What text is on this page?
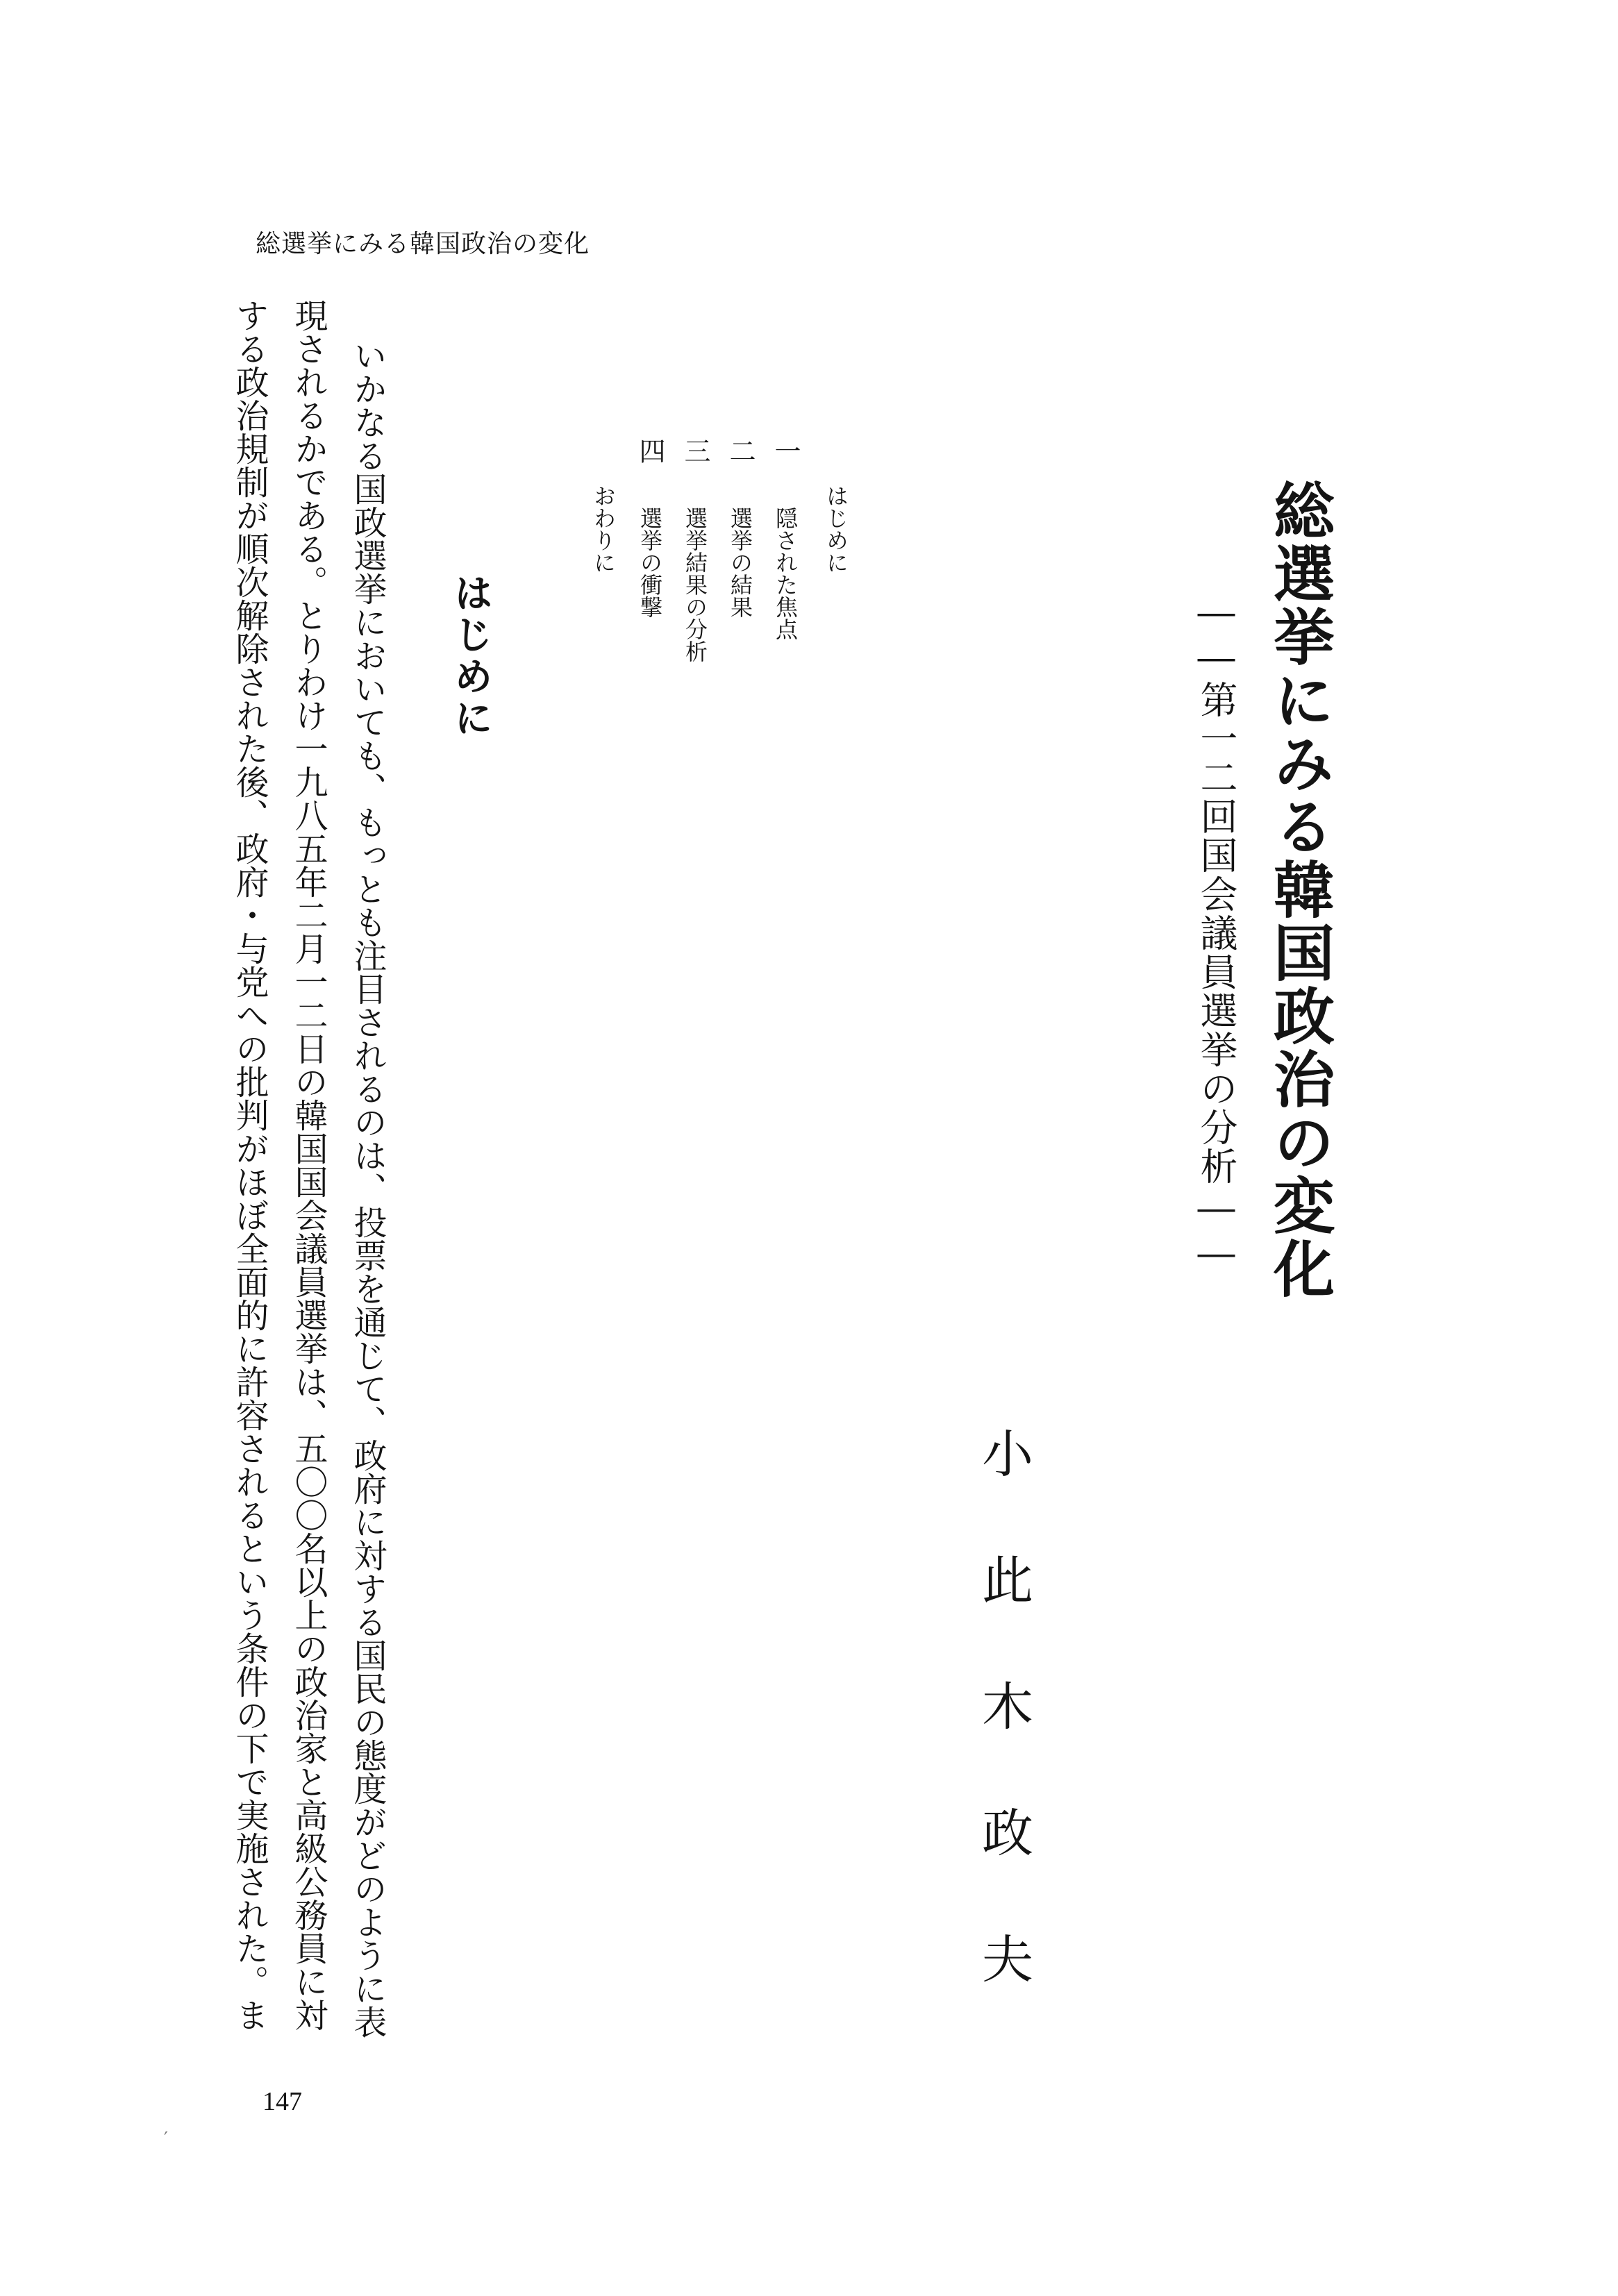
総選挙にみる韓国政治の変化
総選挙にみる韓国政治の変化
――第一二回国会議員選挙の分析――
小此木政夫
はじめに
一 隠された焦点
二 選挙の結果
三 選挙結果の分析
四 選挙の衝撃
おわりに
はじめに
いかなる国政選挙においても、もっとも注目されるのは、投票を通じて、政府に対する国民の態度がどのように表
現されるかである。とりわけ一九八五年二月一二日の韓国国会議員選挙は、五〇〇名以上の政治家と高級公務員に対
する政治規制が順次解除された後、政府・与党への批判がほぼ全面的に許容されるという条件の下で実施された。ま
147
′
